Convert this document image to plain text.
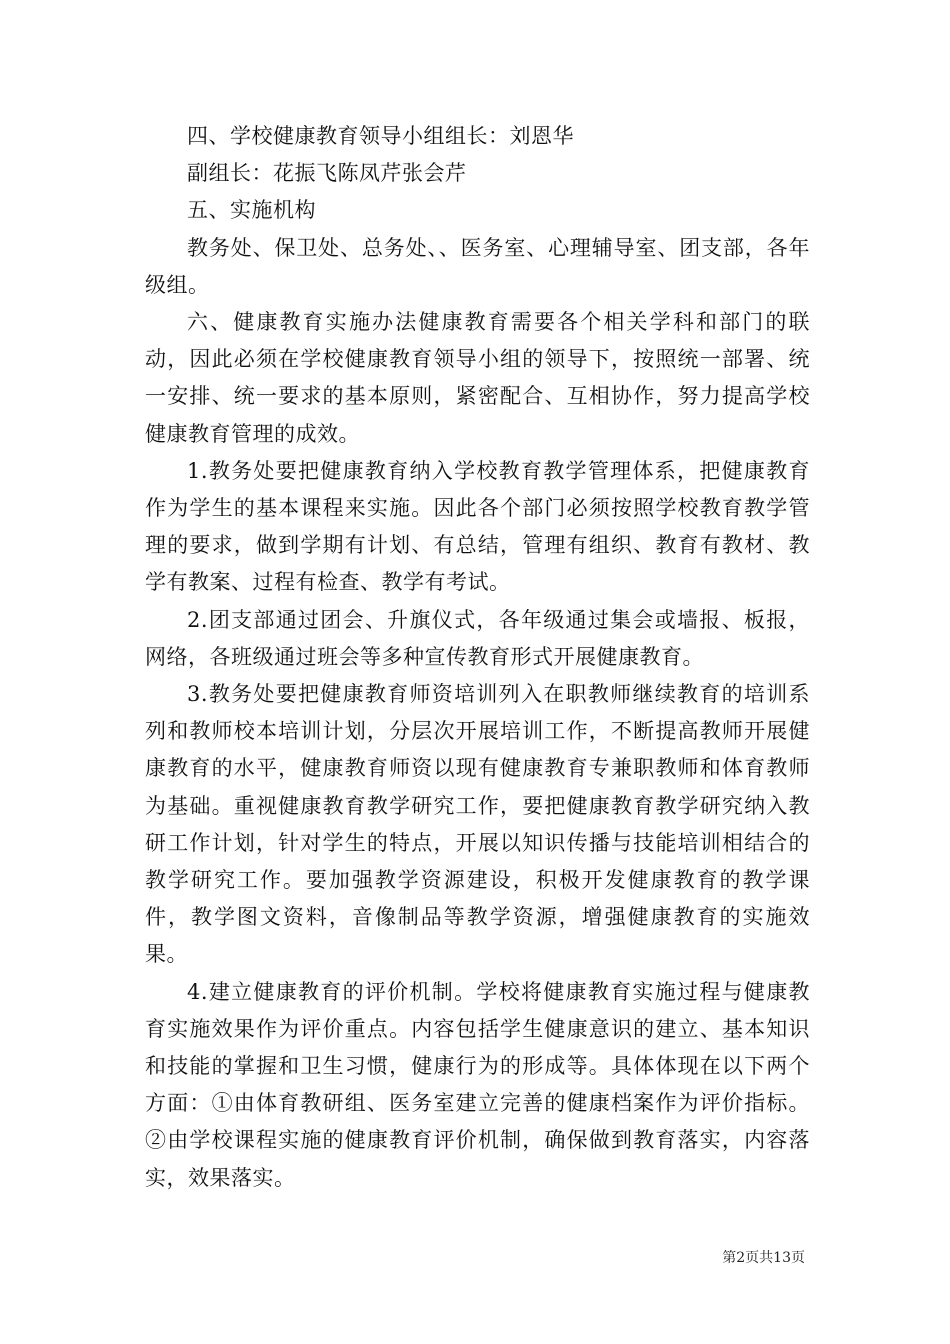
四、学校健康教育领导小组组长：刘恩华

副组长：花振飞陈凤芹张会芹

五、实施机构

教务处、保卫处、总务处、、医务室、心理辅导室、团支部，各年级组。

六、健康教育实施办法健康教育需要各个相关学科和部门的联动，因此必须在学校健康教育领导小组的领导下，按照统一部署、统一安排、统一要求的基本原则，紧密配合、互相协作，努力提高学校健康教育管理的成效。

1.教务处要把健康教育纳入学校教育教学管理体系，把健康教育作为学生的基本课程来实施。因此各个部门必须按照学校教育教学管理的要求，做到学期有计划、有总结，管理有组织、教育有教材、教学有教案、过程有检查、教学有考试。

2.团支部通过团会、升旗仪式，各年级通过集会或墙报、板报，网络，各班级通过班会等多种宣传教育形式开展健康教育。

3.教务处要把健康教育师资培训列入在职教师继续教育的培训系列和教师校本培训计划，分层次开展培训工作，不断提高教师开展健康教育的水平，健康教育师资以现有健康教育专兼职教师和体育教师为基础。重视健康教育教学研究工作，要把健康教育教学研究纳入教研工作计划，针对学生的特点，开展以知识传播与技能培训相结合的教学研究工作。要加强教学资源建设，积极开发健康教育的教学课件，教学图文资料，音像制品等教学资源，增强健康教育的实施效果。

4.建立健康教育的评价机制。学校将健康教育实施过程与健康教育实施效果作为评价重点。内容包括学生健康意识的建立、基本知识和技能的掌握和卫生习惯，健康行为的形成等。具体体现在以下两个方面：①由体育教研组、医务室建立完善的健康档案作为评价指标。②由学校课程实施的健康教育评价机制，确保做到教育落实，内容落实，效果落实。

第2页共13页
